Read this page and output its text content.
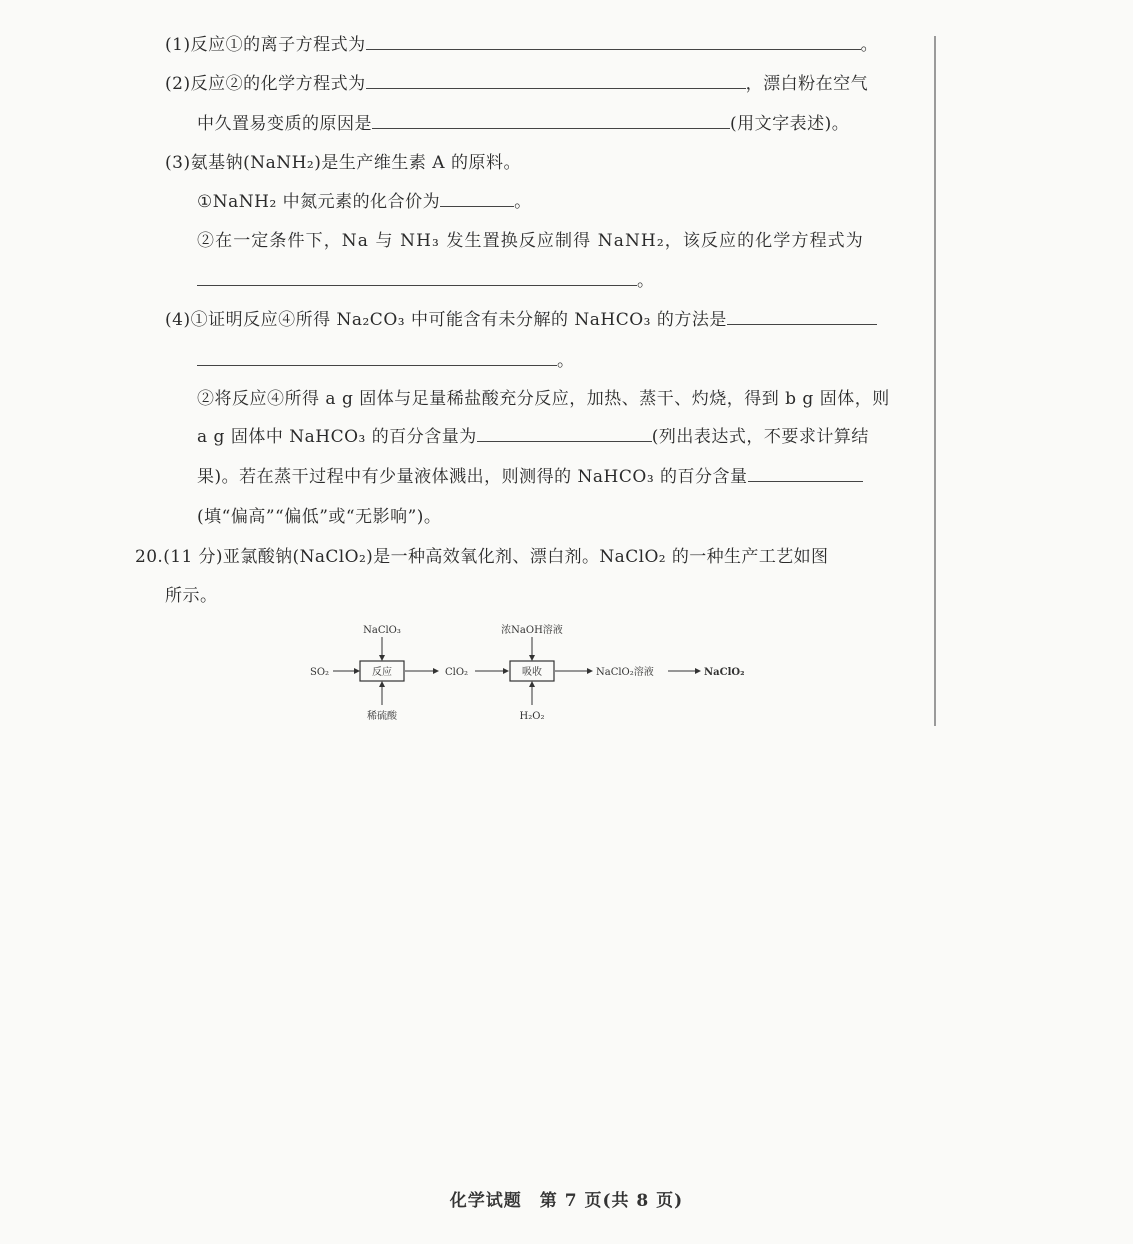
(1)反应①的离子方程式为	。
(2)反应②的化学方程式为	，漂白粉在空气
中久置易变质的原因是	(用文字表述)。
(3)氨基钠(NaNH₂)是生产维生素 A 的原料。
①NaNH₂ 中氮元素的化合价为	。
②在一定条件下，Na 与 NH₃ 发生置换反应制得 NaNH₂，该反应的化学方程式为
。
(4)①证明反应④所得 Na₂CO₃ 中可能含有未分解的 NaHCO₃ 的方法是
。
②将反应④所得 a g 固体与足量稀盐酸充分反应，加热、蒸干、灼烧，得到 b g 固体，则
a g 固体中 NaHCO₃ 的百分含量为	(列出表达式，不要求计算结
果)。若在蒸干过程中有少量液体溅出，则测得的 NaHCO₃ 的百分含量
(填“偏高”“偏低”或“无影响”)。
20.(11 分)亚氯酸钠(NaClO₂)是一种高效氧化剂、漂白剂。NaClO₂ 的一种生产工艺如图
所示。
反应
NaClO₃
SO₂
稀硫酸
ClO₂	吸收
浓NaOH溶液
H₂O₂
NaClO₂溶液	NaClO₂
化学试题　第 7 页(共 8 页)
